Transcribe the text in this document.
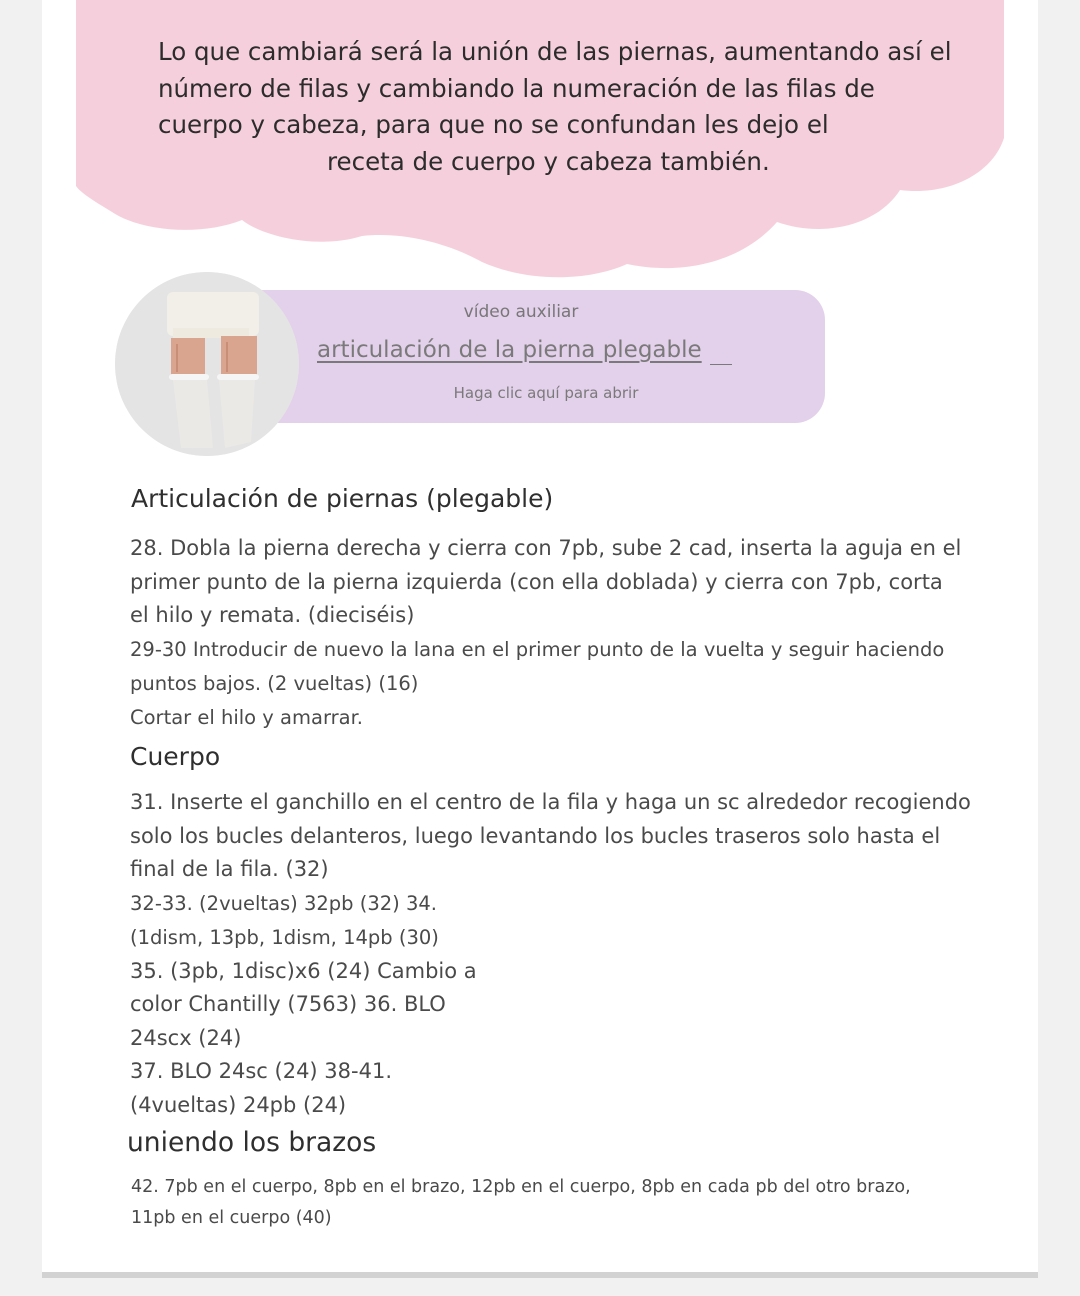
Lo que cambiará será la unión de las piernas, aumentando así el
número de filas y cambiando la numeración de las filas de
cuerpo y cabeza, para que no se confundan les dejo el
receta de cuerpo y cabeza también.
vídeo auxiliar
articulación de la pierna plegable
Haga clic aquí para abrir
Articulación de piernas (plegable)
28. Dobla la pierna derecha y cierra con 7pb, sube 2 cad, inserta la aguja en el
primer punto de la pierna izquierda (con ella doblada) y cierra con 7pb, corta
el hilo y remata. (dieciséis)
29-30 Introducir de nuevo la lana en el primer punto de la vuelta y seguir haciendo
puntos bajos. (2 vueltas) (16)
Cortar el hilo y amarrar.
Cuerpo
31. Inserte el ganchillo en el centro de la fila y haga un sc alrededor recogiendo
solo los bucles delanteros, luego levantando los bucles traseros solo hasta el
final de la fila. (32)
32-33. (2vueltas) 32pb (32) 34.
(1dism, 13pb, 1dism, 14pb (30)
35. (3pb, 1disc)x6 (24) Cambio a
color Chantilly (7563) 36. BLO
24scx (24)
37. BLO 24sc (24) 38-41.
(4vueltas) 24pb (24)
uniendo los brazos
42. 7pb en el cuerpo, 8pb en el brazo, 12pb en el cuerpo, 8pb en cada pb del otro brazo,
11pb en el cuerpo (40)
